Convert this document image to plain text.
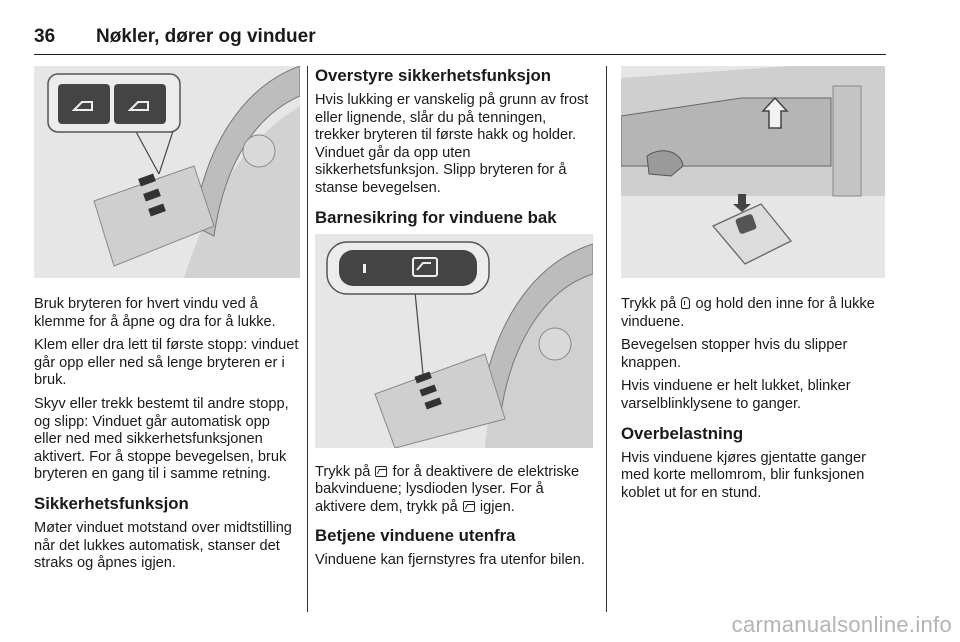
36 Nøkler, dører og vinduer

Bruk bryteren for hvert vindu ved å klemme for å åpne og dra for å lukke.

Klem eller dra lett til første stopp: vinduet går opp eller ned så lenge bryteren er i bruk.

Skyv eller trekk bestemt til andre stopp, og slipp: Vinduet går automatisk opp eller ned med sikkerhetsfunksjonen aktivert. For å stoppe bevegelsen, bruk bryteren en gang til i samme retning.

Sikkerhetsfunksjon

Møter vinduet motstand over midtstilling når det lukkes automatisk, stanser det straks og åpnes igjen.

Overstyre sikkerhetsfunksjon

Hvis lukking er vanskelig på grunn av frost eller lignende, slår du på tenningen, trekker bryteren til første hakk og holder. Vinduet går da opp uten sikkerhetsfunksjon. Slipp bryteren for å stanse bevegelsen.

Barnesikring for vinduene bak

Trykk på  for å deaktivere de elektriske bakvinduene; lysdioden lyser. For å aktivere dem, trykk på  igjen.

Betjene vinduene utenfra

Vinduene kan fjernstyres fra utenfor bilen.

Trykk på  og hold den inne for å lukke vinduene.

Bevegelsen stopper hvis du slipper knappen.

Hvis vinduene er helt lukket, blinker varselblinklysene to ganger.

Overbelastning

Hvis vinduene kjøres gjentatte ganger med korte mellomrom, blir funksjonen koblet ut for en stund.

carmanualsonline.info
